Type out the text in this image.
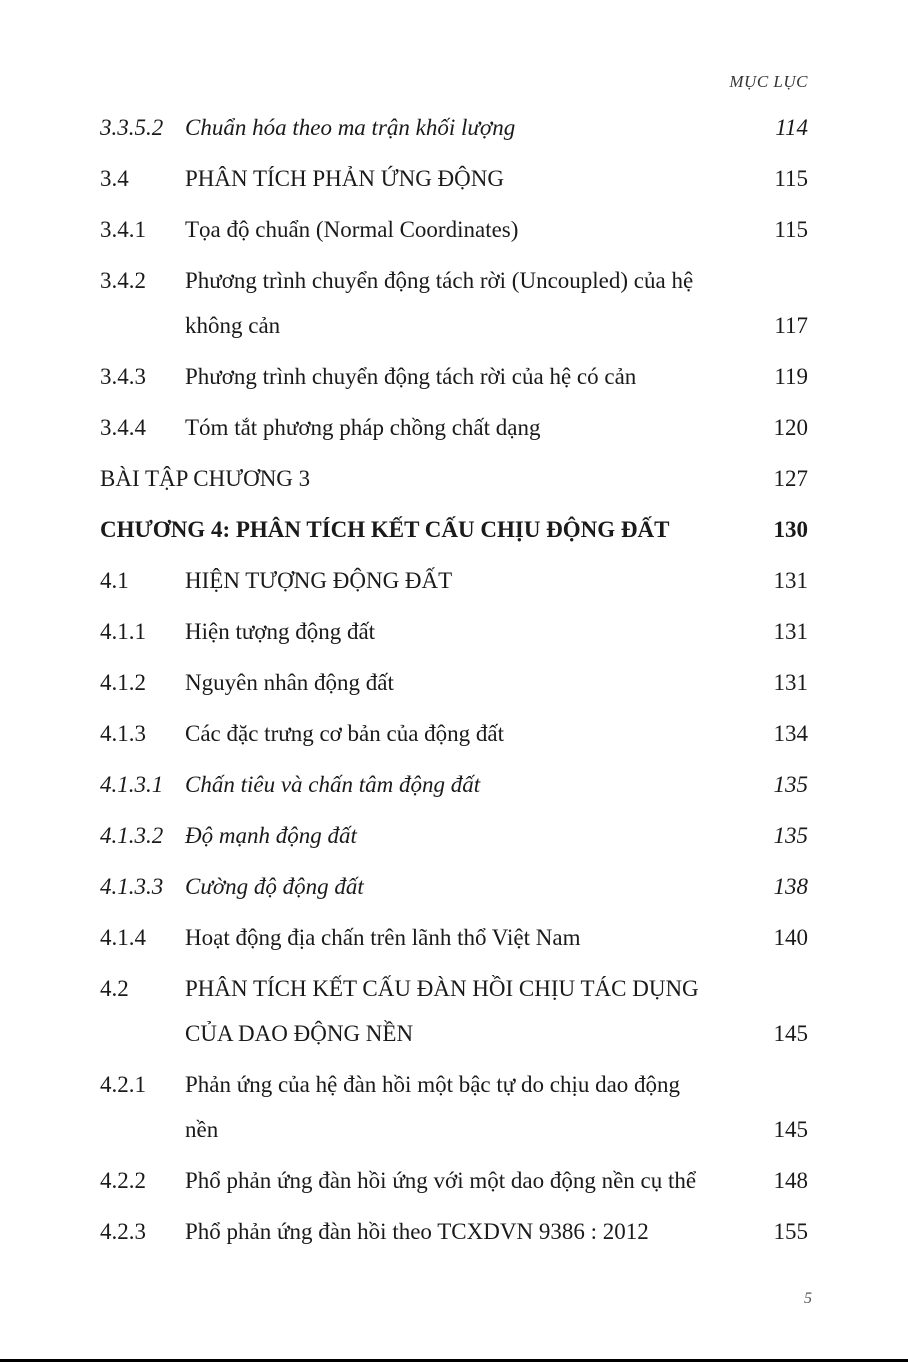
MỤC LỤC
3.3.5.2 Chuẩn hóa theo ma trận khối lượng	114
3.4 PHÂN TÍCH PHẢN ỨNG ĐỘNG	115
3.4.1 Tọa độ chuẩn (Normal Coordinates)	115
3.4.2 Phương trình chuyển động tách rời (Uncoupled) của hệ
không cản	117
3.4.3 Phương trình chuyển động tách rời của hệ có cản	119
3.4.4 Tóm tắt phương pháp chồng chất dạng	120
BÀI TẬP CHƯƠNG 3	127
CHƯƠNG 4: PHÂN TÍCH KẾT CẤU CHỊU ĐỘNG ĐẤT	130
4.1 HIỆN TƯỢNG ĐỘNG ĐẤT	131
4.1.1 Hiện tượng động đất	131
4.1.2 Nguyên nhân động đất	131
4.1.3 Các đặc trưng cơ bản của động đất	134
4.1.3.1 Chấn tiêu và chấn tâm động đất	135
4.1.3.2 Độ mạnh động đất	135
4.1.3.3 Cường độ động đất	138
4.1.4 Hoạt động địa chấn trên lãnh thổ Việt Nam	140
4.2 PHÂN TÍCH KẾT CẤU ĐÀN HỒI CHỊU TÁC DỤNG
CỦA DAO ĐỘNG NỀN	145
4.2.1 Phản ứng của hệ đàn hồi một bậc tự do chịu dao động
nền	145
4.2.2 Phổ phản ứng đàn hồi ứng với một dao động nền cụ thể	148
4.2.3 Phổ phản ứng đàn hồi theo TCXDVN 9386 : 2012	155
5
